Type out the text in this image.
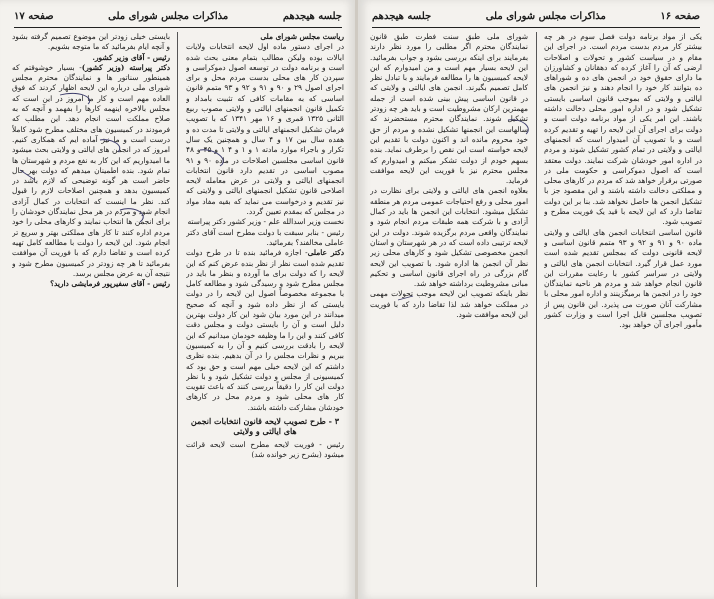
جلسه هیجدهم
مذاکرات مجلس شورای ملی
صفحه ۱۷

ریاست مجلس شورای ملی

در اجرای دستور ماده اول لایحه انتخابات ولایات ایالات بوده ولیکن مطالب بتمام معنی بحث شده است و برنامه دولت در توسعه اصول دموکراسی و سپردن کار های محلی بدست مردم محل و برای اجرای اصول ۲۹ و ۹۰ و ۹۱ و ۹۲ و ۹۳ متمم قانون اساسی که به مقامات کافی که تثبیت بامداد و تکمیل قانون انجمنهای ایالتی و ولایتی مصوب ربیع الثانی ۱۳۲۵ قمری و ۱۶ مهر ۱۳۴۱ که با تصویب فرمان تشکیل انجمنهای ایالتی و ولایتی تا مدت ده و هفده سال بین ۱۷ و ۴ سال و همچنین یک سال تکرار و باجراء موارد مادته ۱ و ۱ و ۴ ۱ و ۴۵ و ۴۸ قانون اساسی مجلسین اصلاحات در ماده ۹۰ و ۹۱ مصوب اساسی در تقدیم دارد قانون انتخابات انجمنهای ایالتی و ولایتی در عرض معامله لایحه اصلاحی قانون تشکیل انجمنهای ایالتی و ولایتی که نیز تقدیم و درخواست می نماید که بقیه مفاد مواد در مجلس که بمقدم تعیین گردد.

نخست وزیر اسدالله علم - وزیر کشور دکتر پیراسته

رئیس - بنابر سبقت با دولت مطرح است آقای دکتر عاملی مخالفند؟ بفرمائید.

دکتر عاملی- اجازه فرمائید بنده تا در طرح دولت تقدیم شده است نظر از نظر بنده عرض کنم که این لایحه را که دولت برای ما آورده و بنظر ما باید در مجلس مطرح شود و رسیدگی شود و مطالعه کامل با مجموعه مخصوصاً اصول این لایحه را در دولت بایستی که از نظر داده شود و آنچه که صحیح میدانند در این مورد بیان شود این کار دولت بهترین دلیل است و آن را بایستی دولت و مجلس دقت کافی کنند و این را ما وظیفه خودمان میدانیم که این لایحه را بادقت بررسی کنیم و آن را به کمیسیون ببریم و نظرات مجلس را در آن بدهیم. بنده نظری داشتم که این لایحه خیلی مهم است و حق بود که کمیسیونی از مجلس و دولت تشکیل شود و با نظر دولت این کار را دقیقاً بررسی کنند که باعث تقویت کار های محلی شود و مردم محل در کارهای خودشان مشارکت داشته باشند.

۳ - طرح تصویب لایحه قانون انتخابات انجمن های ایالتی و ولایتی

رئیس - فوریت لایحه مطرح است لایحه قرائت میشود (بشرح زیر خوانده شد)

بایستی خیلی زودتر این موضوع تصمیم گرفته بشود و آنچه ایام بفرمائید که ما متوجه بشویم.

رئیس - آقای وزیر کشور.

دکتر پیراسته (وزیر کشور)- بسیار خوشوقتم که همینطور سناتور ها و نمایندگان محترم مجلس شورای ملی درباره این لایحه اظهار کردند که فوق العاده مهم است و کار ما امروز در این است که مجلس بالاخره اینهمه کارها را بفهمد و آنچه که به صلاح مملکت است انجام دهد. این مطلب که فرمودند در کمیسیون های مختلف مطرح شود کاملاً درست است و ما نیز آماده ایم که همکاری کنیم. امروز که در انجمن های ایالتی و ولایتی بحث میشود ما امیدواریم که این کار به نفع مردم و شهرستان ها تمام شود. بنده اطمینان میدهم که دولت بهر حال حاضر است هر گونه توضیحی که لازم باشد در کمیسیون بدهد و همچنین اصلاحات لازم را قبول کند. نظر ما اینست که انتخابات در کمال آزادی انجام شود و مردم در هر محل نمایندگان خودشان را برای انجمن ها انتخاب نمایند و کارهای محلی را خود مردم اداره کنند تا کار های مملکتی بهتر و سریع تر انجام شود. این لایحه را دولت با مطالعه کامل تهیه کرده است و تقاضا دارم که با فوریت آن موافقت بفرمائید تا هر چه زودتر در کمیسیون مطرح شود و نتیجه آن به عرض مجلس برسد.

رئیس - آقای سفیرپور فرمایشی دارید؟

صفحه ۱۶
مذاکرات مجلس شورای ملی
جلسه هیجدهم

یکی از مواد برنامه دولت فصل سوم در هر چه بیشتر کار مردم بدست مردم است. در اجرای این مقام و در سیاست کشور و تحولات و اصلاحات ارضی که آن را آغاز کرده که دهقانان و کشاورزان ما دارای حقوق خود در انجمن های ده و شوراهای ده بتوانند کار خود را انجام دهند و نیز انجمن های ایالتی و ولایتی که بموجب قانون اساسی بایستی تشکیل شود و در اداره امور محلی دخالت داشته باشند. این امر یکی از مواد برنامه دولت است و دولت برای اجرای آن این لایحه را تهیه و تقدیم کرده است و با تصویب آن امیدوار است که انجمنهای ایالتی و ولایتی در تمام کشور تشکیل شوند و مردم در اداره امور خودشان شرکت نمایند. دولت معتقد است که اصول دموکراسی و حکومت ملی در صورتی برقرار خواهد شد که مردم در کارهای محلی و مملکتی دخالت داشته باشند و این مقصود جز با تشکیل انجمن ها حاصل نخواهد شد. بنا بر این دولت تقاضا دارد که این لایحه با قید یک فوریت مطرح و تصویب شود.

قانون اساسی انتخابات انجمن های ایالتی و ولایتی ماده ۹۰ و ۹۱ و ۹۲ و ۹۳ متمم قانون اساسی و لایحه قانونی دولت که بمجلس تقدیم شده است مورد عمل قرار گیرد. انتخابات انجمن های ایالتی و ولایتی در سراسر کشور با رعایت مقررات این قانون انجام خواهد شد و مردم هر ناحیه نمایندگان خود را در انجمن ها برمیگزینند و اداره امور محلی با مشارکت آنان صورت می پذیرد. این قانون پس از تصویب مجلسین قابل اجرا است و وزارت کشور مأمور اجرای آن خواهد بود.

شورای ملی طبق سنت فطرت طبق قانون نمایندگان محترم اگر مطلبی را مورد نظر دارند بفرمایند برای اینکه بررسی بشود و جواب بفرمائید. این لایحه بسیار مهم است و من امیدوارم که این لایحه کمیسیون ها را مطالعه فرمایند و با تبادل نظر کامل تصمیم بگیرند. انجمن های ایالتی و ولایتی که در قانون اساسی پیش بینی شده است از جمله مهمترین ارکان مشروطیت است و باید هر چه زودتر تشکیل شوند. نمایندگان محترم مستحضرند که سالهاست این انجمنها تشکیل نشده و مردم از حق خود محروم مانده اند و اکنون دولت با تقدیم این لایحه خواسته است این نقص را برطرف نماید. بنده بسهم خودم از دولت تشکر میکنم و امیدوارم که مجلس محترم نیز با فوریت این لایحه موافقت فرماید.

بعلاوه انجمن های ایالتی و ولایتی برای نظارت در امور محلی و رفع احتیاجات عمومی مردم هر منطقه تشکیل میشود. انتخابات این انجمن ها باید در کمال آزادی و با شرکت همه طبقات مردم انجام شود و نمایندگان واقعی مردم برگزیده شوند. دولت در این لایحه ترتیبی داده است که در هر شهرستان و استان انجمن مخصوصی تشکیل شود و کارهای محلی زیر نظر آن انجمن ها اداره شود. با تصویب این لایحه گام بزرگی در راه اجرای قانون اساسی و تحکیم مبانی مشروطیت برداشته خواهد شد.

نظر باینکه تصویب این لایحه موجب تحولات مهمی در مملکت خواهد شد لذا تقاضا دارد که با فوریت این لایحه موافقت شود.
